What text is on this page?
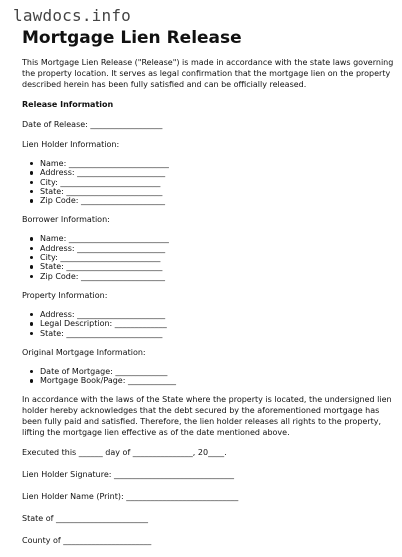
lawdocs.info
Mortgage Lien Release

This Mortgage Lien Release ("Release") is made in accordance with the state laws governing the property location. It serves as legal confirmation that the mortgage lien on the property described herein has been fully satisfied and can be officially released.

Release Information

Date of Release: __________________

Lien Holder Information:

Name: _________________________
Address: ______________________
City: _________________________
State: ________________________
Zip Code: _____________________

Borrower Information:

Name: _________________________
Address: ______________________
City: _________________________
State: ________________________
Zip Code: _____________________

Property Information:

Address: ______________________
Legal Description: _____________
State: ________________________

Original Mortgage Information:

Date of Mortgage: _____________
Mortgage Book/Page: ____________

In accordance with the laws of the State where the property is located, the undersigned lien holder hereby acknowledges that the debt secured by the aforementioned mortgage has been fully paid and satisfied. Therefore, the lien holder releases all rights to the property, lifting the mortgage lien effective as of the date mentioned above.

Executed this ______ day of _______________, 20____.

Lien Holder Signature: ______________________________

Lien Holder Name (Print): ____________________________

State of _______________________

County of ______________________
